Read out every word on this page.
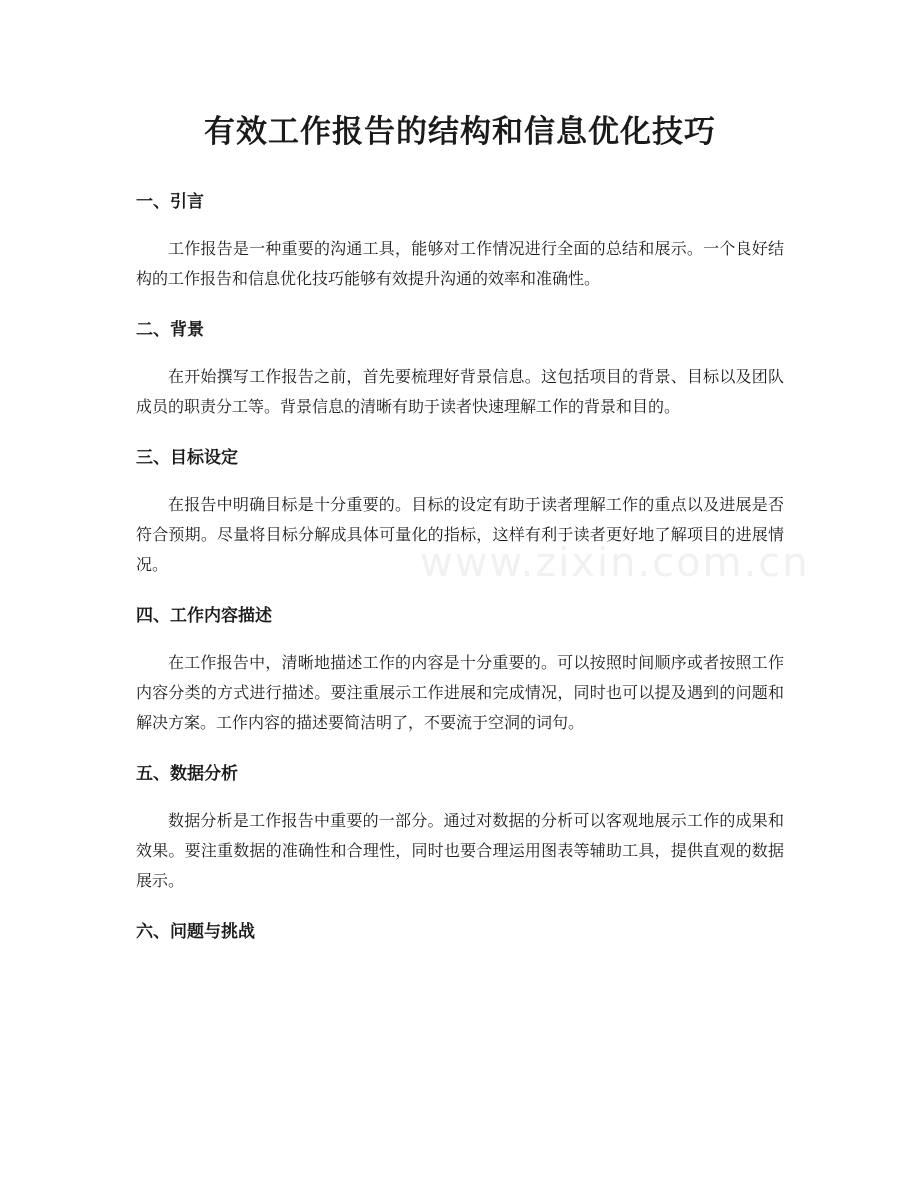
有效工作报告的结构和信息优化技巧
一、引言

工作报告是一种重要的沟通工具，能够对工作情况进行全面的总结和展示。一个良好结构的工作报告和信息优化技巧能够有效提升沟通的效率和准确性。

二、背景

在开始撰写工作报告之前，首先要梳理好背景信息。这包括项目的背景、目标以及团队成员的职责分工等。背景信息的清晰有助于读者快速理解工作的背景和目的。

三、目标设定

在报告中明确目标是十分重要的。目标的设定有助于读者理解工作的重点以及进展是否符合预期。尽量将目标分解成具体可量化的指标，这样有利于读者更好地了解项目的进展情况。

四、工作内容描述

在工作报告中，清晰地描述工作的内容是十分重要的。可以按照时间顺序或者按照工作内容分类的方式进行描述。要注重展示工作进展和完成情况，同时也可以提及遇到的问题和解决方案。工作内容的描述要简洁明了，不要流于空洞的词句。

五、数据分析

数据分析是工作报告中重要的一部分。通过对数据的分析可以客观地展示工作的成果和效果。要注重数据的准确性和合理性，同时也要合理运用图表等辅助工具，提供直观的数据展示。

六、问题与挑战
www.zixin.com.cn
